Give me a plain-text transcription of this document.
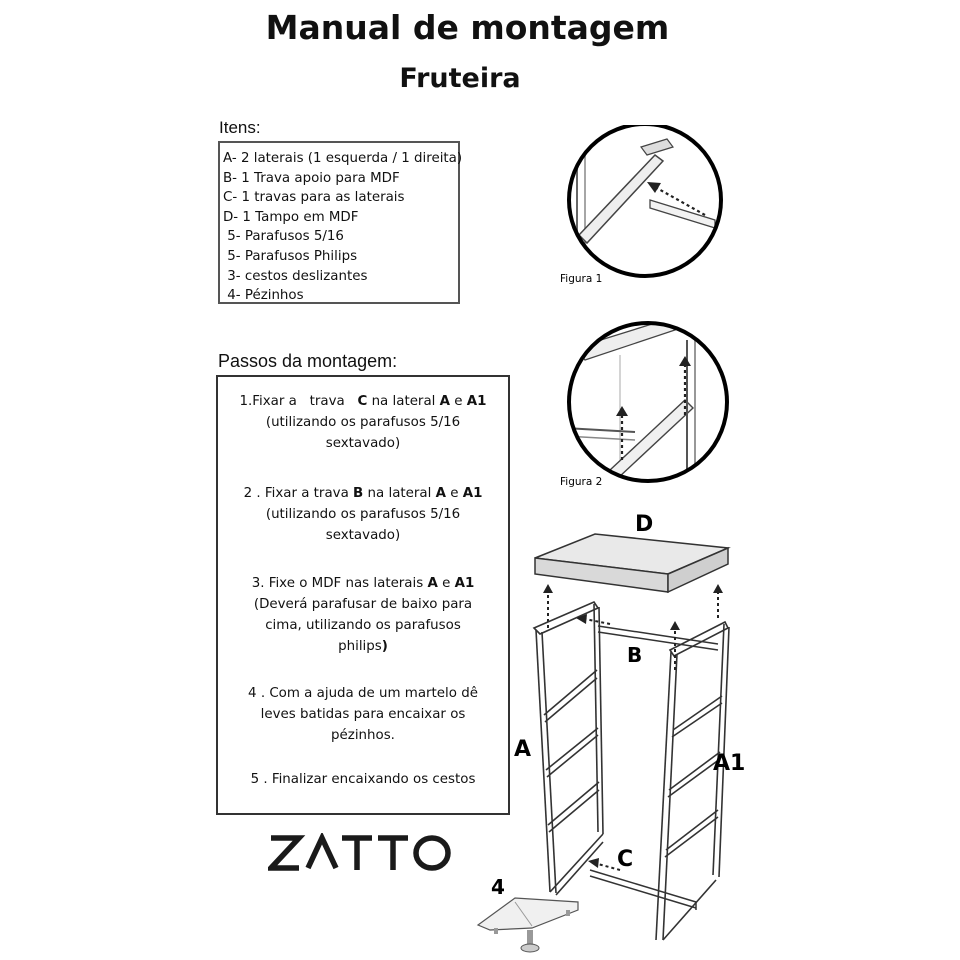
Manual de montagem
Fruteira
Itens:
A- 2 laterais (1 esquerda / 1 direita)
B- 1 Trava apoio para MDF
C- 1 travas para as laterais
D- 1 Tampo em MDF
5- Parafusos 5/16
5- Parafusos Philips
3- cestos deslizantes
4- Pézinhos
Passos da montagem:
1.Fixar a   trava   C na lateral A e A1
(utilizando os parafusos 5/16
sextavado)
2 . Fixar a trava B na lateral A e A1
(utilizando os parafusos 5/16
sextavado)
3. Fixe o MDF nas laterais A e A1
(Deverá parafusar de baixo para
cima, utilizando os parafusos
philips)
4 . Com a ajuda de um martelo dê
leves batidas para encaixar os
pézinhos.
5 . Finalizar encaixando os cestos
Figura 1
Figura 2
D
B
C
A
A1
4
